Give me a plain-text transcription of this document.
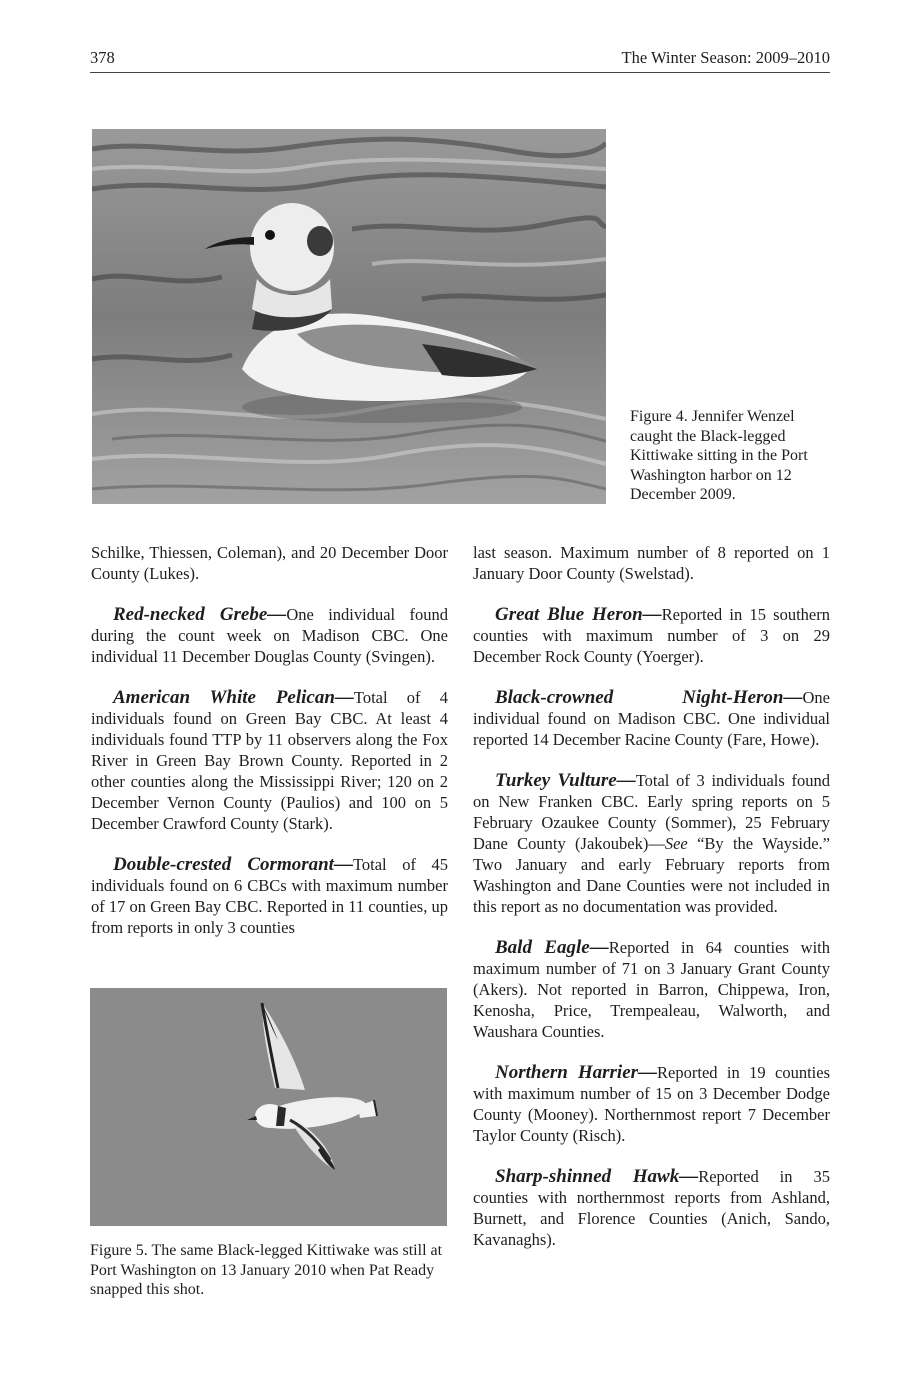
378	The Winter Season: 2009–2010
Figure 4. Jennifer Wenzel caught the Black-legged Kittiwake sitting in the Port Washington harbor on 12 December 2009.

Schilke, Thiessen, Coleman), and 20 December Door County (Lukes).

Red-necked Grebe—One individual found during the count week on Madison CBC. One individual 11 December Douglas County (Svingen).

American White Pelican—Total of 4 individuals found on Green Bay CBC. At least 4 individuals found TTP by 11 observers along the Fox River in Green Bay Brown County. Reported in 2 other counties along the Mississippi River; 120 on 2 December Vernon County (Paulios) and 100 on 5 December Crawford County (Stark).

Double-crested Cormorant—Total of 45 individuals found on 6 CBCs with maximum number of 17 on Green Bay CBC. Reported in 11 counties, up from reports in only 3 counties

Figure 5. The same Black-legged Kittiwake was still at Port Washington on 13 January 2010 when Pat Ready snapped this shot.

last season. Maximum number of 8 reported on 1 January Door County (Swelstad).

Great Blue Heron—Reported in 15 southern counties with maximum number of 3 on 29 December Rock County (Yoerger).

Black-crowned Night-Heron—One individual found on Madison CBC. One individual reported 14 December Racine County (Fare, Howe).

Turkey Vulture—Total of 3 individuals found on New Franken CBC. Early spring reports on 5 February Ozaukee County (Sommer), 25 February Dane County (Jakoubek)—See “By the Wayside.” Two January and early February reports from Washington and Dane Counties were not included in this report as no documentation was provided.

Bald Eagle—Reported in 64 counties with maximum number of 71 on 3 January Grant County (Akers). Not reported in Barron, Chippewa, Iron, Kenosha, Price, Trempealeau, Walworth, and Waushara Counties.

Northern Harrier—Reported in 19 counties with maximum number of 15 on 3 December Dodge County (Mooney). Northernmost report 7 December Taylor County (Risch).

Sharp-shinned Hawk—Reported in 35 counties with northernmost reports from Ashland, Burnett, and Florence Counties (Anich, Sando, Kavanaghs).
